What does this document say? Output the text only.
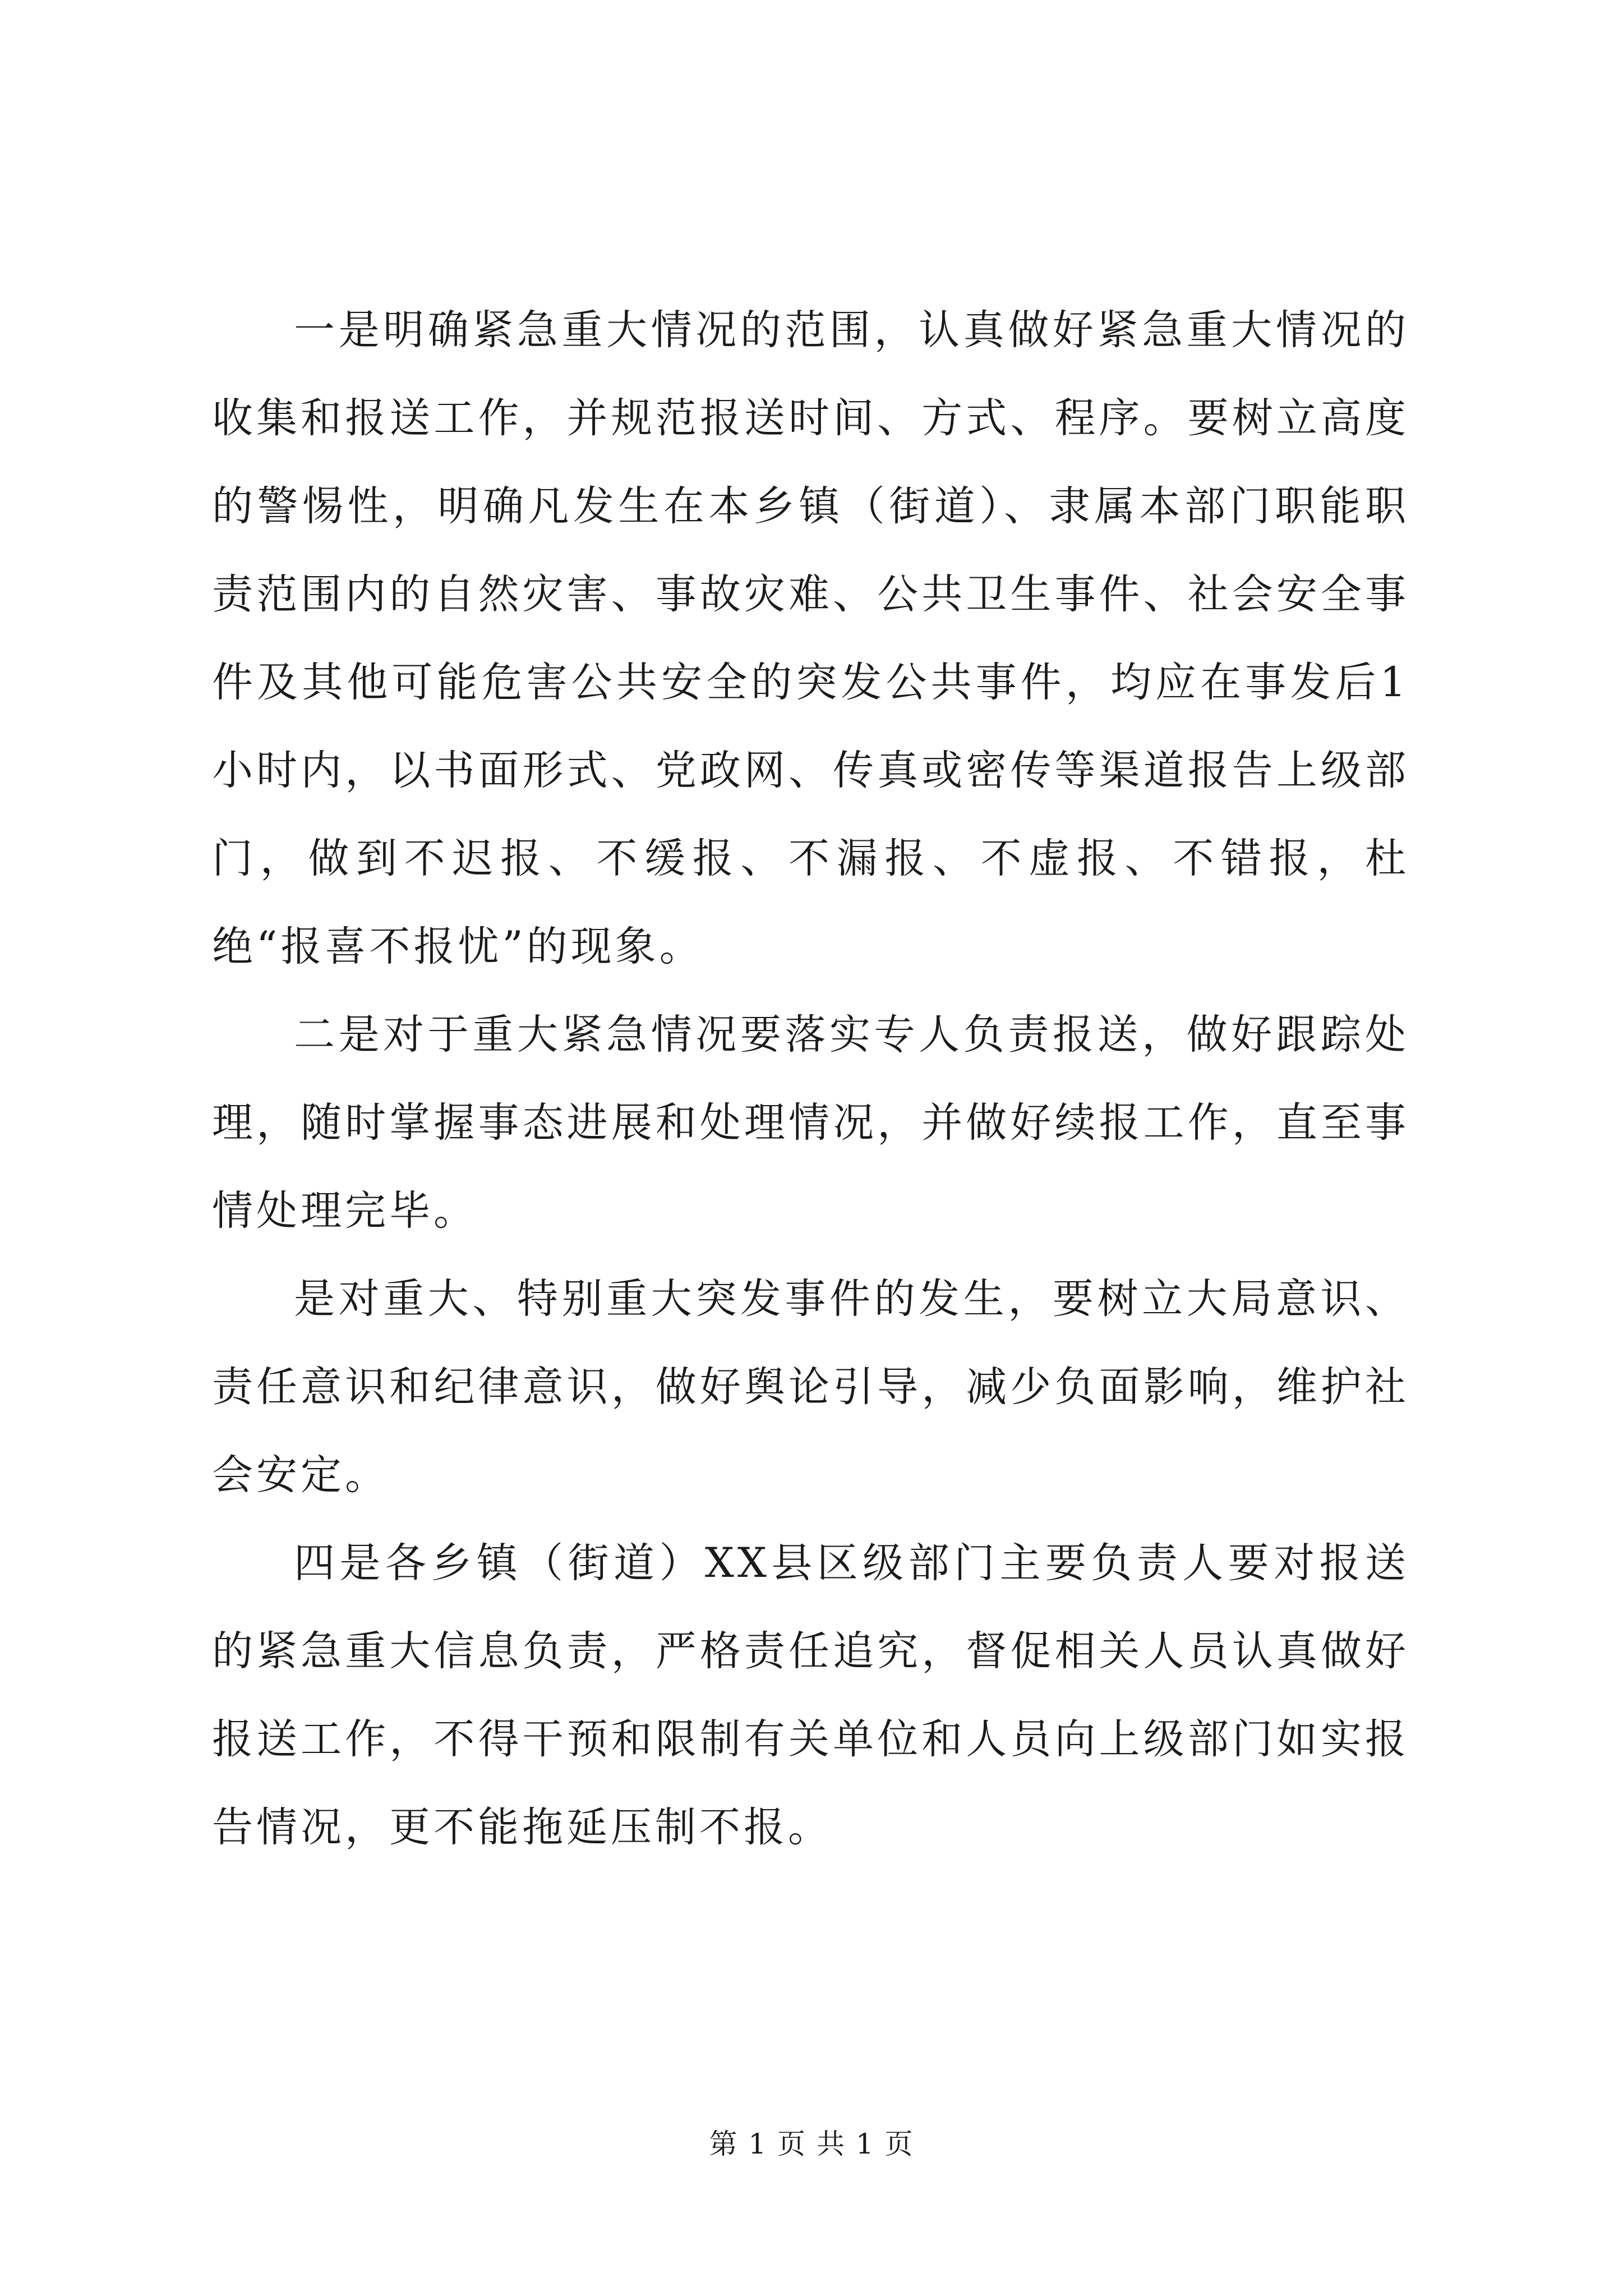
一是明确紧急重大情况的范围，认真做好紧急重大情况的收集和报送工作，并规范报送时间、方式、程序。要树立高度的警惕性，明确凡发生在本乡镇（街道）、隶属本部门职能职责范围内的自然灾害、事故灾难、公共卫生事件、社会安全事件及其他可能危害公共安全的突发公共事件，均应在事发后1小时内，以书面形式、党政网、传真或密传等渠道报告上级部门，做到不迟报、不缓报、不漏报、不虚报、不错报，杜绝“报喜不报忧”的现象。

二是对于重大紧急情况要落实专人负责报送，做好跟踪处理，随时掌握事态进展和处理情况，并做好续报工作，直至事情处理完毕。

是对重大、特别重大突发事件的发生，要树立大局意识、责任意识和纪律意识，做好舆论引导，减少负面影响，维护社会安定。

四是各乡镇（街道）XX县区级部门主要负责人要对报送的紧急重大信息负责，严格责任追究，督促相关人员认真做好报送工作，不得干预和限制有关单位和人员向上级部门如实报告情况，更不能拖延压制不报。

第 1 页 共 1 页
